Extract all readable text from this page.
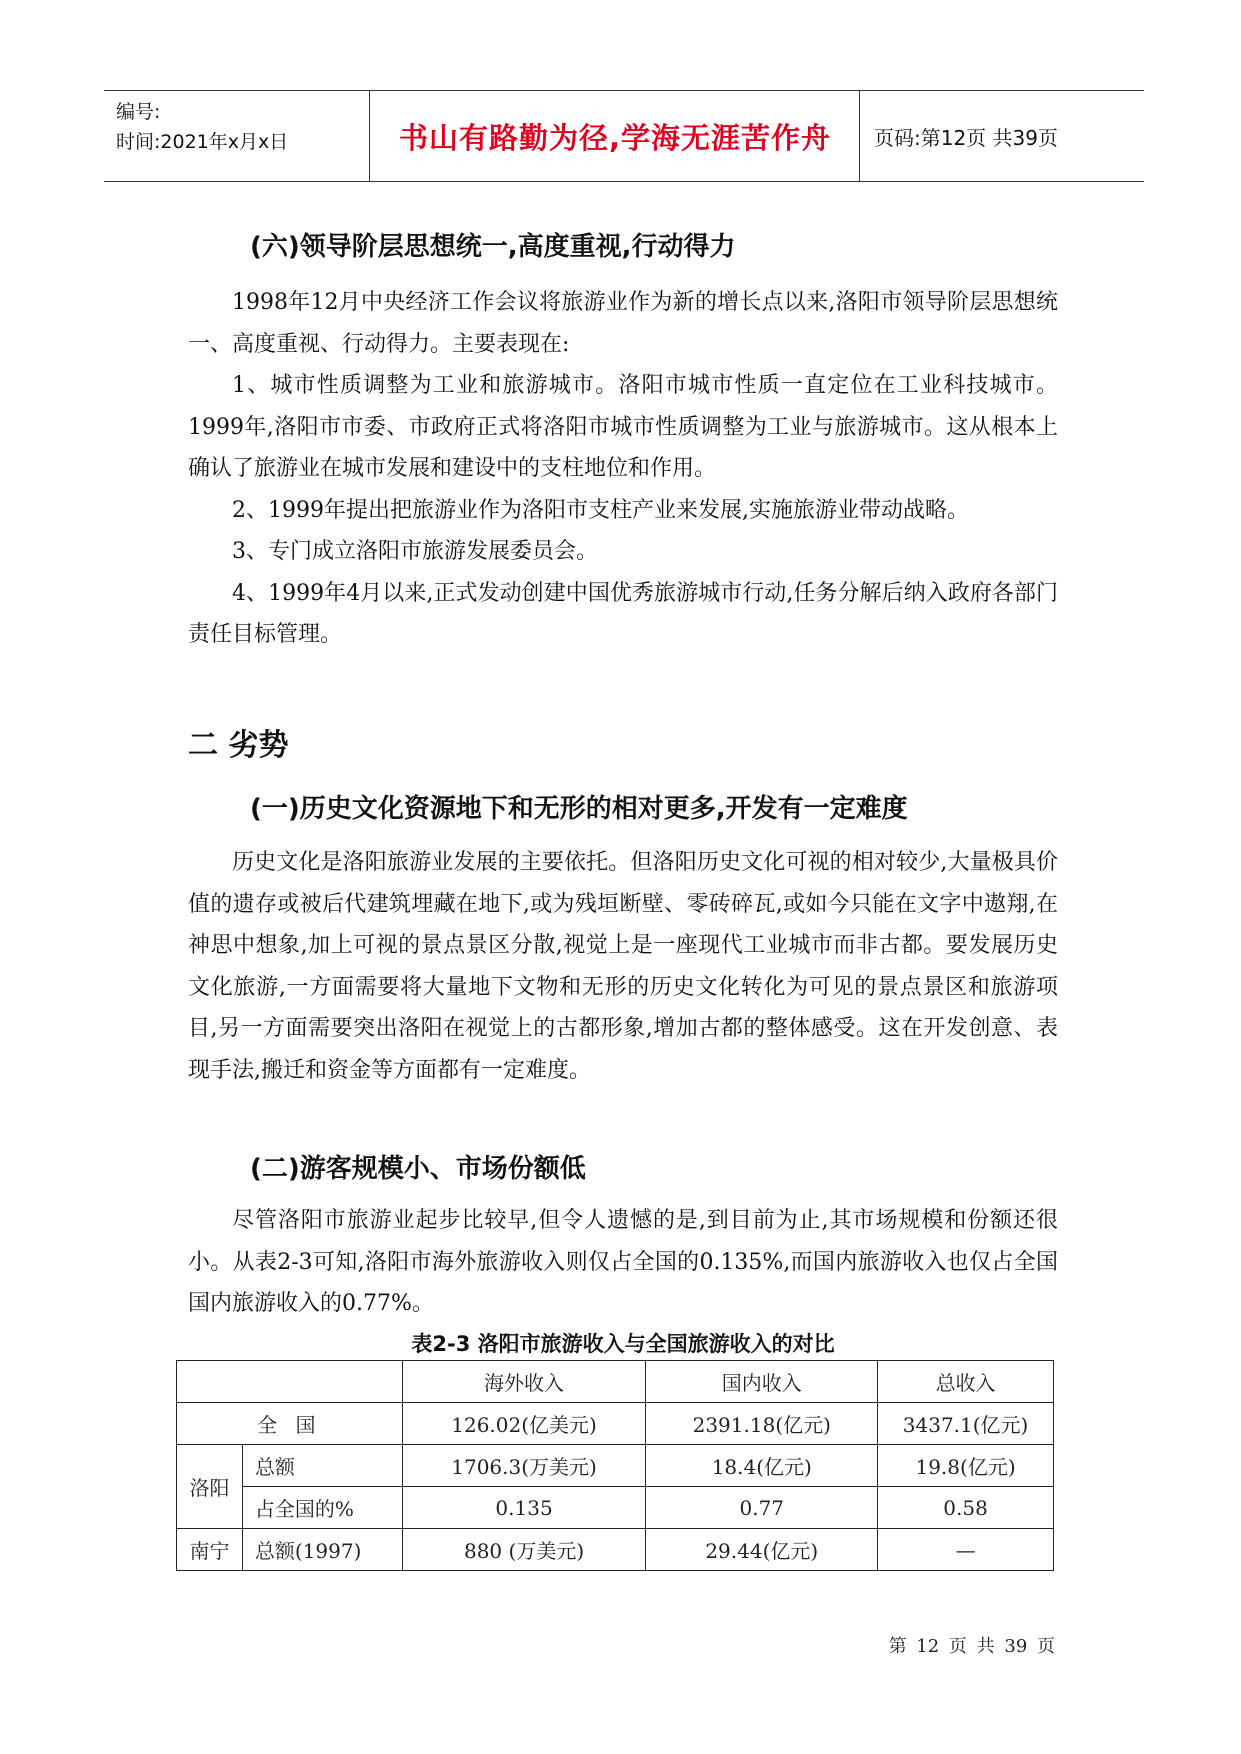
编号:
时间:2021年x月x日	书山有路勤为径,学海无涯苦作舟	页码:第12页 共39页
(六)领导阶层思想统一,高度重视,行动得力

1998年12月中央经济工作会议将旅游业作为新的增长点以来,洛阳市领导阶层思想统一、高度重视、行动得力。主要表现在:

1、城市性质调整为工业和旅游城市。洛阳市城市性质一直定位在工业科技城市。1999年,洛阳市市委、市政府正式将洛阳市城市性质调整为工业与旅游城市。这从根本上确认了旅游业在城市发展和建设中的支柱地位和作用。

2、1999年提出把旅游业作为洛阳市支柱产业来发展,实施旅游业带动战略。

3、专门成立洛阳市旅游发展委员会。

4、1999年4月以来,正式发动创建中国优秀旅游城市行动,任务分解后纳入政府各部门责任目标管理。

二 劣势
(一)历史文化资源地下和无形的相对更多,开发有一定难度

历史文化是洛阳旅游业发展的主要依托。但洛阳历史文化可视的相对较少,大量极具价值的遗存或被后代建筑埋藏在地下,或为残垣断壁、零砖碎瓦,或如今只能在文字中遨翔,在神思中想象,加上可视的景点景区分散,视觉上是一座现代工业城市而非古都。要发展历史文化旅游,一方面需要将大量地下文物和无形的历史文化转化为可见的景点景区和旅游项目,另一方面需要突出洛阳在视觉上的古都形象,增加古都的整体感受。这在开发创意、表现手法,搬迁和资金等方面都有一定难度。

(二)游客规模小、市场份额低

尽管洛阳市旅游业起步比较早,但令人遗憾的是,到目前为止,其市场规模和份额还很小。从表2-3可知,洛阳市海外旅游收入则仅占全国的0.135%,而国内旅游收入也仅占全国国内旅游收入的0.77%。

表2-3 洛阳市旅游收入与全国旅游收入的对比
		海外收入	国内收入	总收入
全 国		126.02(亿美元)	2391.18(亿元)	3437.1(亿元)
洛阳	总额	1706.3(万美元)	18.4(亿元)	19.8(亿元)
	占全国的%	0.135	0.77	0.58
南宁	总额(1997)	880 (万美元)	29.44(亿元)	—
第 12 页 共 39 页
